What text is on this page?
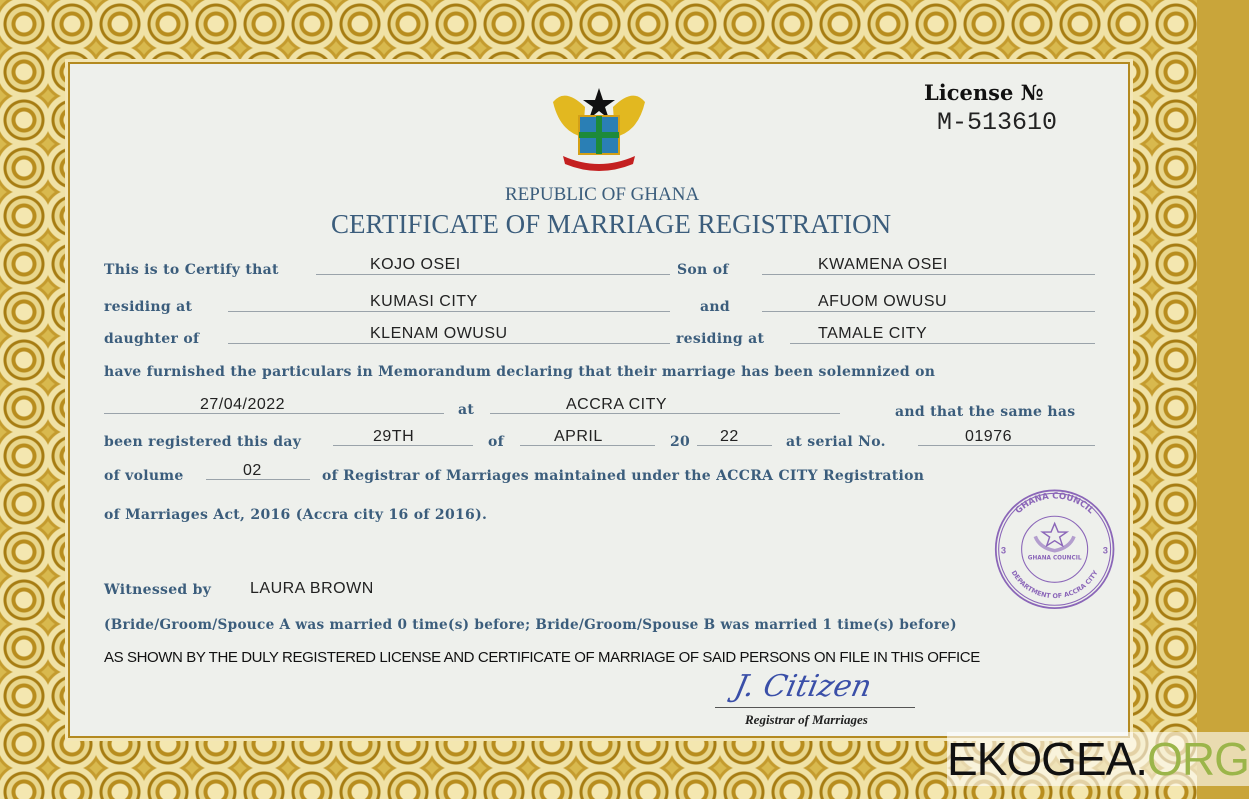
License №
M-513610
REPUBLIC OF GHANA
CERTIFICATE OF MARRIAGE REGISTRATION
This is to Certify that	KOJO OSEI	Son of	KWAMENA OSEI
residing at	KUMASI CITY	and	AFUOM OWUSU
daughter of	KLENAM OWUSU	residing at	TAMALE CITY
have furnished the particulars in Memorandum declaring that their marriage has been solemnized on
27/04/2022	at	ACCRA CITY	and that the same has
been registered this day	29TH	of	APRIL	20 22	at serial No.	01976
of volume	02	of Registrar of Marriages maintained under the ACCRA CITY Registration
of Marriages Act, 2016 (Accra city 16 of 2016).	GHANA COUNCIL
DEPARTMENT OF ACCRA CITY
GHANA COUNCIL
3	3
Witnessed by LAURA BROWN
(Bride/Groom/Spouce A was married 0 time(s) before; Bride/Groom/Spouse B was married 1 time(s) before)
AS SHOWN BY THE DULY REGISTERED LICENSE AND CERTIFICATE OF MARRIAGE OF SAID PERSONS ON FILE IN THIS OFFICE
J. Citizen
Registrar of Marriages
EKOGEA.ORG
